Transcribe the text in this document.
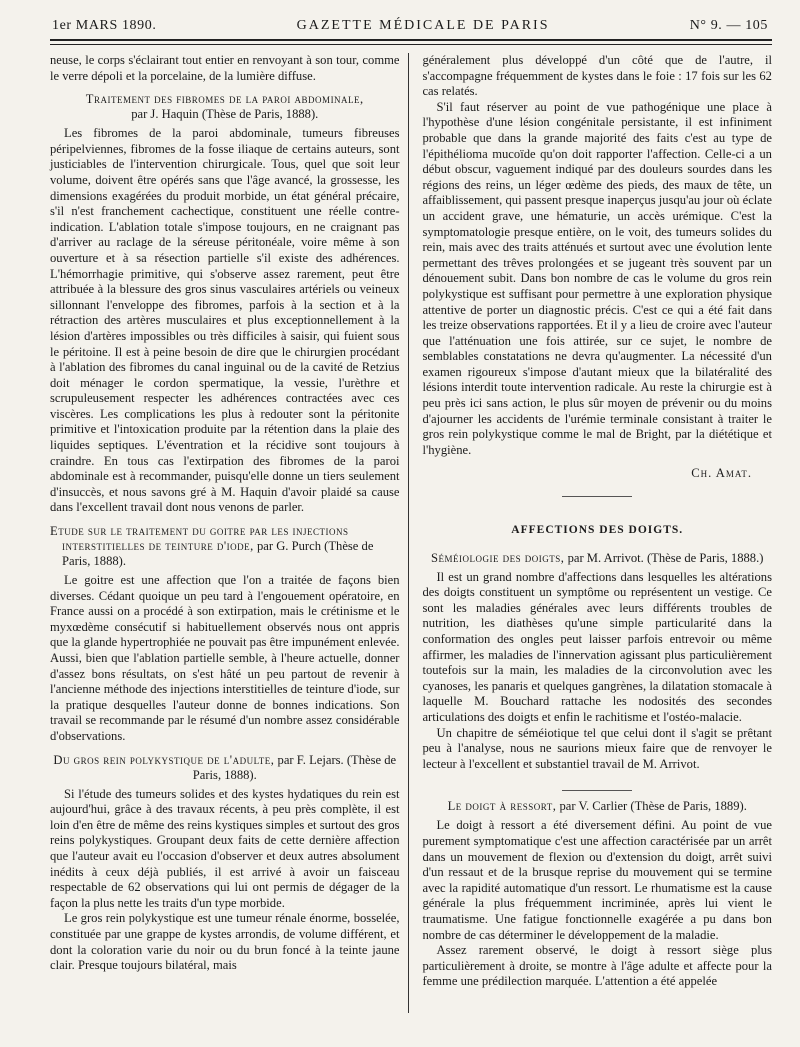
1er MARS 1890.	GAZETTE MÉDICALE DE PARIS	N° 9. — 105

neuse, le corps s'éclairant tout entier en renvoyant à son tour, comme le verre dépoli et la porcelaine, de la lumière diffuse.

Traitement des fibromes de la paroi abdominale,
par J. Haquin (Thèse de Paris, 1888).

Les fibromes de la paroi abdominale, tumeurs fibreuses péripelviennes, fibromes de la fosse iliaque de certains auteurs, sont justiciables de l'intervention chirurgicale. Tous, quel que soit leur volume, doivent être opérés sans que l'âge avancé, la grossesse, les dimensions exagérées du produit morbide, un état général précaire, s'il n'est franchement cachectique, constituent une réelle contre-indication. L'ablation totale s'impose toujours, en ne craignant pas d'arriver au raclage de la séreuse péritonéale, voire même à son ouverture et à sa résection partielle s'il existe des adhérences. L'hémorrhagie primitive, qui s'observe assez rarement, peut être attribuée à la blessure des gros sinus vasculaires artériels ou veineux sillonnant l'enveloppe des fibromes, parfois à la section et à la rétraction des artères musculaires et plus exceptionnellement à la lésion d'artères impossibles ou très difficiles à saisir, qui fuient sous le péritoine. Il est à peine besoin de dire que le chirurgien procédant à l'ablation des fibromes du canal inguinal ou de la cavité de Retzius doit ménager le cordon spermatique, la vessie, l'urèthre et scrupuleusement respecter les adhérences contractées avec ces viscères. Les complications les plus à redouter sont la péritonite primitive et l'intoxication produite par la rétention dans la plaie des liquides septiques. L'éventration et la récidive sont toujours à craindre. En tous cas l'extirpation des fibromes de la paroi abdominale est à recommander, puisqu'elle donne un tiers seulement d'insuccès, et nous savons gré à M. Haquin d'avoir plaidé sa cause dans l'excellent travail dont nous venons de parler.

Etude sur le traitement du goitre par les injections interstitielles de teinture d'iode, par G. Purch (Thèse de Paris, 1888).

Le goitre est une affection que l'on a traitée de façons bien diverses. Cédant quoique un peu tard à l'engouement opératoire, en France aussi on a procédé à son extirpation, mais le crétinisme et le myxœdème consécutif si habituellement observés nous ont appris que la glande hypertrophiée ne pouvait pas être impunément enlevée. Aussi, bien que l'ablation partielle semble, à l'heure actuelle, donner d'assez bons résultats, on s'est hâté un peu partout de revenir à l'ancienne méthode des injections interstitielles de teinture d'iode, sur la pratique desquelles l'auteur donne de bonnes indications. Son travail se recommande par le résumé d'un nombre assez considérable d'observations.

Du gros rein polykystique de l'adulte, par F. Lejars. (Thèse de Paris, 1888).

Si l'étude des tumeurs solides et des kystes hydatiques du rein est aujourd'hui, grâce à des travaux récents, à peu près complète, il est loin d'en être de même des reins kystiques simples et surtout des gros reins polykystiques. Groupant deux faits de cette dernière affection que l'auteur avait eu l'occasion d'observer et deux autres absolument inédits à ceux déjà publiés, il est arrivé à avoir un faisceau respectable de 62 observations qui lui ont permis de dégager de la façon la plus nette les traits d'un type morbide.

Le gros rein polykystique est une tumeur rénale énorme, bosselée, constituée par une grappe de kystes arrondis, de volume différent, et dont la coloration varie du noir ou du brun foncé à la teinte jaune clair. Presque toujours bilatéral, mais

généralement plus développé d'un côté que de l'autre, il s'accompagne fréquemment de kystes dans le foie : 17 fois sur les 62 cas relatés.

S'il faut réserver au point de vue pathogénique une place à l'hypothèse d'une lésion congénitale persistante, il est infiniment probable que dans la grande majorité des faits c'est au type de l'épithélioma mucoïde qu'on doit rapporter l'affection. Celle-ci a un début obscur, vaguement indiqué par des douleurs sourdes dans les régions des reins, un léger œdème des pieds, des maux de tête, un affaiblissement, qui passent presque inaperçus jusqu'au jour où éclate un accident grave, une hématurie, un accès urémique. C'est la symptomatologie presque entière, on le voit, des tumeurs solides du rein, mais avec des traits atténués et surtout avec une évolution lente permettant des trêves prolongées et se jugeant très souvent par un dénouement subit. Dans bon nombre de cas le volume du gros rein polykystique est suffisant pour permettre à une exploration physique attentive de porter un diagnostic précis. C'est ce qui a été fait dans les treize observations rapportées. Et il y a lieu de croire avec l'auteur que l'atténuation une fois attirée, sur ce sujet, le nombre de semblables constatations ne devra qu'augmenter. La nécessité d'un examen rigoureux s'impose d'autant mieux que la bilatéralité des lésions interdit toute intervention radicale. Au reste la chirurgie est à peu près ici sans action, le plus sûr moyen de prévenir ou du moins d'ajourner les accidents de l'urémie terminale consistant à traiter le gros rein polykystique comme le mal de Bright, par la diététique et l'hygiène.

Ch. Amat.
AFFECTIONS DES DOIGTS.
Séméiologie des doigts, par M. Arrivot. (Thèse de Paris, 1888.)

Il est un grand nombre d'affections dans lesquelles les altérations des doigts constituent un symptôme ou représentent un vestige. Ce sont les maladies générales avec leurs différents troubles de nutrition, les diathèses qu'une simple particularité dans la conformation des ongles peut laisser parfois entrevoir ou même affirmer, les maladies de l'innervation agissant plus particulièrement toutefois sur la main, les maladies de la circonvolution avec les cyanoses, les panaris et quelques gangrènes, la dilatation stomacale à laquelle M. Bouchard rattache les nodosités des secondes articulations des doigts et enfin le rachitisme et l'ostéo-malacie.

Un chapitre de séméiotique tel que celui dont il s'agit se prêtant peu à l'analyse, nous ne saurions mieux faire que de renvoyer le lecteur à l'excellent et substantiel travail de M. Arrivot.

Le doigt à ressort, par V. Carlier (Thèse de Paris, 1889).

Le doigt à ressort a été diversement défini. Au point de vue purement symptomatique c'est une affection caractérisée par un arrêt dans un mouvement de flexion ou d'extension du doigt, arrêt suivi d'un ressaut et de la brusque reprise du mouvement qui se termine avec la rapidité automatique d'un ressort. Le rhumatisme est la cause générale la plus fréquemment incriminée, après lui vient le traumatisme. Une fatigue fonctionnelle exagérée a pu dans bon nombre de cas déterminer le développement de la maladie.

Assez rarement observé, le doigt à ressort siège plus particulièrement à droite, se montre à l'âge adulte et affecte pour la femme une prédilection marquée. L'attention a été appelée
